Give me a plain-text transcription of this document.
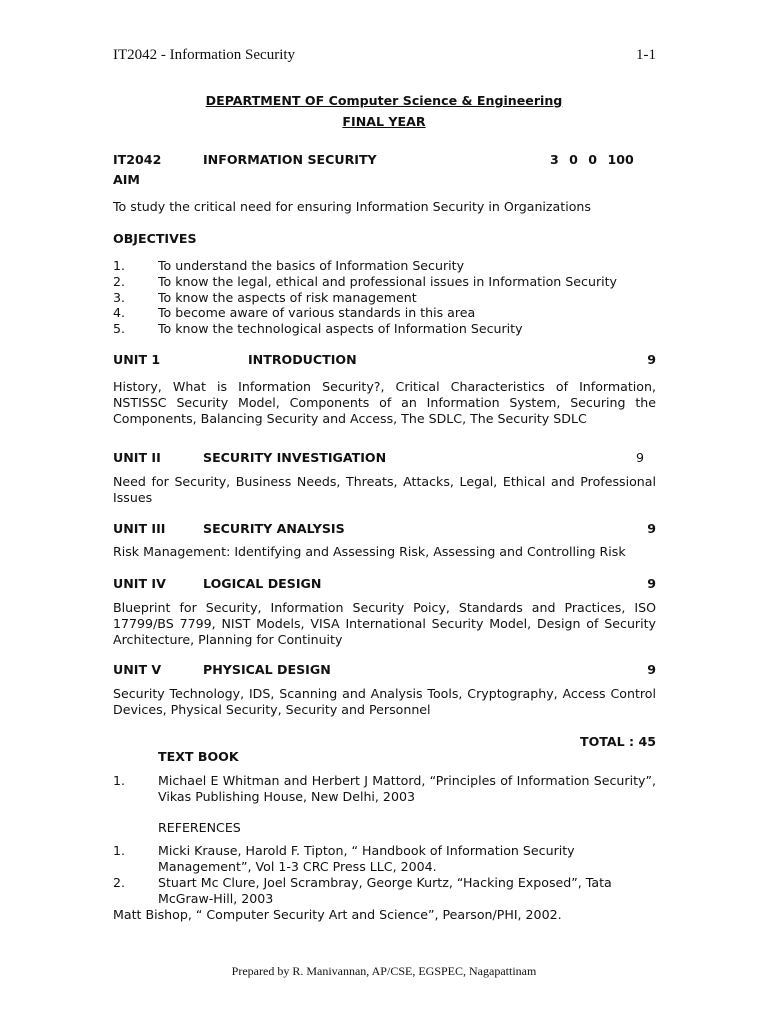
IT2042 - Information Security	1-1
DEPARTMENT OF Computer Science & Engineering
FINAL YEAR
IT2042	INFORMATION SECURITY	3 0 0 100
AIM
To study the critical need for ensuring Information Security in Organizations
OBJECTIVES
1.	To understand the basics of Information Security
2.	To know the legal, ethical and professional issues in Information Security
3.	To know the aspects of risk management
4.	To become aware of various standards in this area
5.	To know the technological aspects of Information Security
UNIT 1	INTRODUCTION	9
History, What is Information Security?, Critical Characteristics of Information, NSTISSC Security Model, Components of an Information System, Securing the Components, Balancing Security and Access, The SDLC, The Security SDLC
UNIT II	SECURITY INVESTIGATION	9
Need for Security, Business Needs, Threats, Attacks, Legal, Ethical and Professional Issues
UNIT III	SECURITY ANALYSIS	9
Risk Management: Identifying and Assessing Risk, Assessing and Controlling Risk
UNIT IV	LOGICAL DESIGN	9
Blueprint for Security, Information Security Poicy, Standards and Practices, ISO 17799/BS 7799, NIST Models, VISA International Security Model, Design of Security Architecture, Planning for Continuity
UNIT V	PHYSICAL DESIGN	9
Security Technology, IDS, Scanning and Analysis Tools, Cryptography, Access Control Devices, Physical Security, Security and Personnel
TOTAL : 45
TEXT BOOK
1.	Michael E Whitman and Herbert J Mattord, “Principles of Information Security”, Vikas Publishing House, New Delhi, 2003
REFERENCES
1.	Micki Krause, Harold F. Tipton, “ Handbook of Information Security Management”, Vol 1-3 CRC Press LLC, 2004.
2.	Stuart Mc Clure, Joel Scrambray, George Kurtz, “Hacking Exposed”, Tata McGraw-Hill, 2003
Matt Bishop, “ Computer Security Art and Science”, Pearson/PHI, 2002.
Prepared by R. Manivannan, AP/CSE, EGSPEC, Nagapattinam
